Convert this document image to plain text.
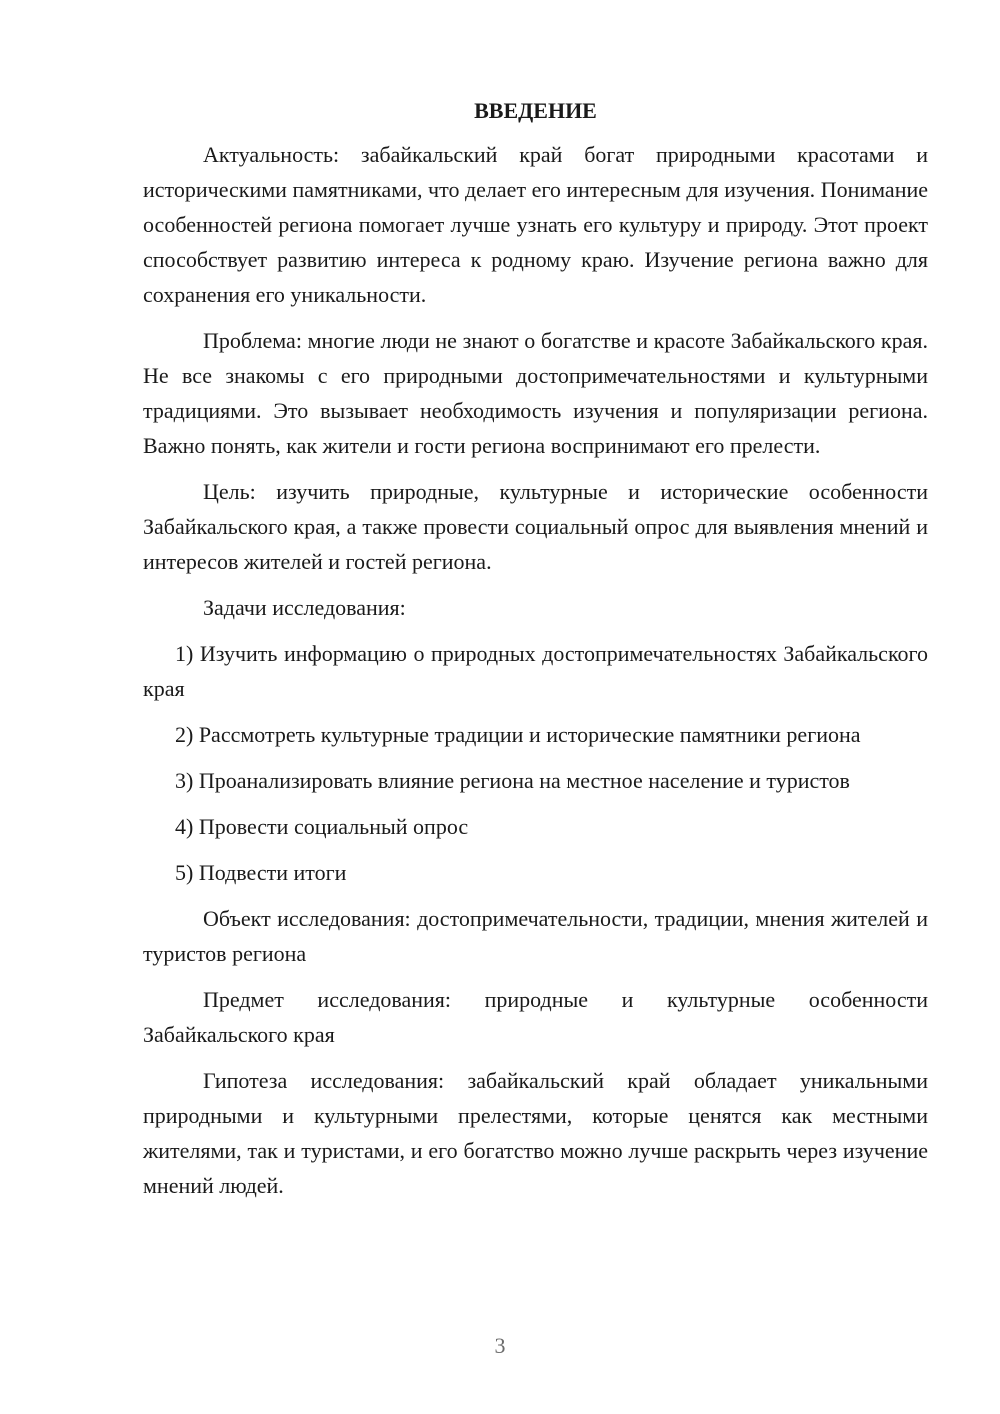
ВВЕДЕНИЕ

Актуальность: забайкальский край богат природными красотами и историческими памятниками, что делает его интересным для изучения. Понимание особенностей региона помогает лучше узнать его культуру и природу. Этот проект способствует развитию интереса к родному краю. Изучение региона важно для сохранения его уникальности.

Проблема: многие люди не знают о богатстве и красоте Забайкальского края. Не все знакомы с его природными достопримечательностями и культурными традициями. Это вызывает необходимость изучения и популяризации региона. Важно понять, как жители и гости региона воспринимают его прелести.

Цель: изучить природные, культурные и исторические особенности Забайкальского края, а также провести социальный опрос для выявления мнений и интересов жителей и гостей региона.

Задачи исследования:

1) Изучить информацию о природных достопримечательностях Забайкальского края

2) Рассмотреть культурные традиции и исторические памятники региона

3) Проанализировать влияние региона на местное население и туристов

4) Провести социальный опрос

5) Подвести итоги

Объект исследования: достопримечательности, традиции, мнения жителей и туристов региона

Предмет исследования: природные и культурные особенности Забайкальского края

Гипотеза исследования: забайкальский край обладает уникальными природными и культурными прелестями, которые ценятся как местными жителями, так и туристами, и его богатство можно лучше раскрыть через изучение мнений людей.

3
